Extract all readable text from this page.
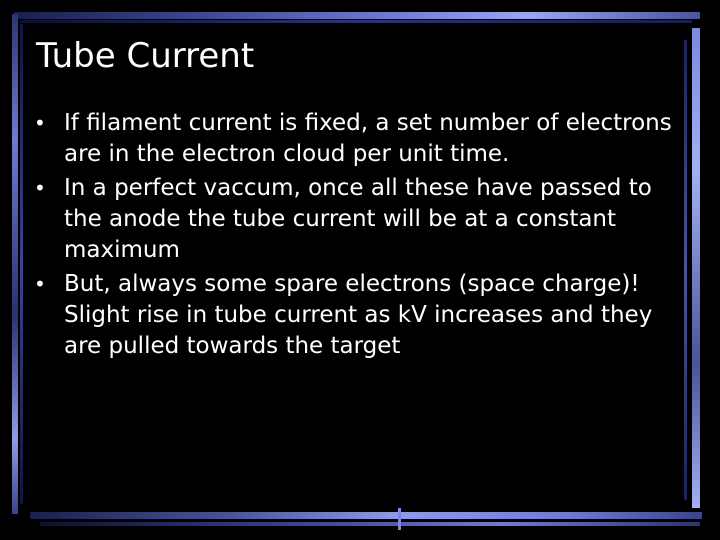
Tube Current
• If filament current is fixed, a set number of electrons are in the electron cloud per unit time.
• In a perfect vaccum, once all these have passed to the anode the tube current will be at a constant maximum
• But, always some spare electrons (space charge)! Slight rise in tube current as kV increases and they are pulled towards the target
